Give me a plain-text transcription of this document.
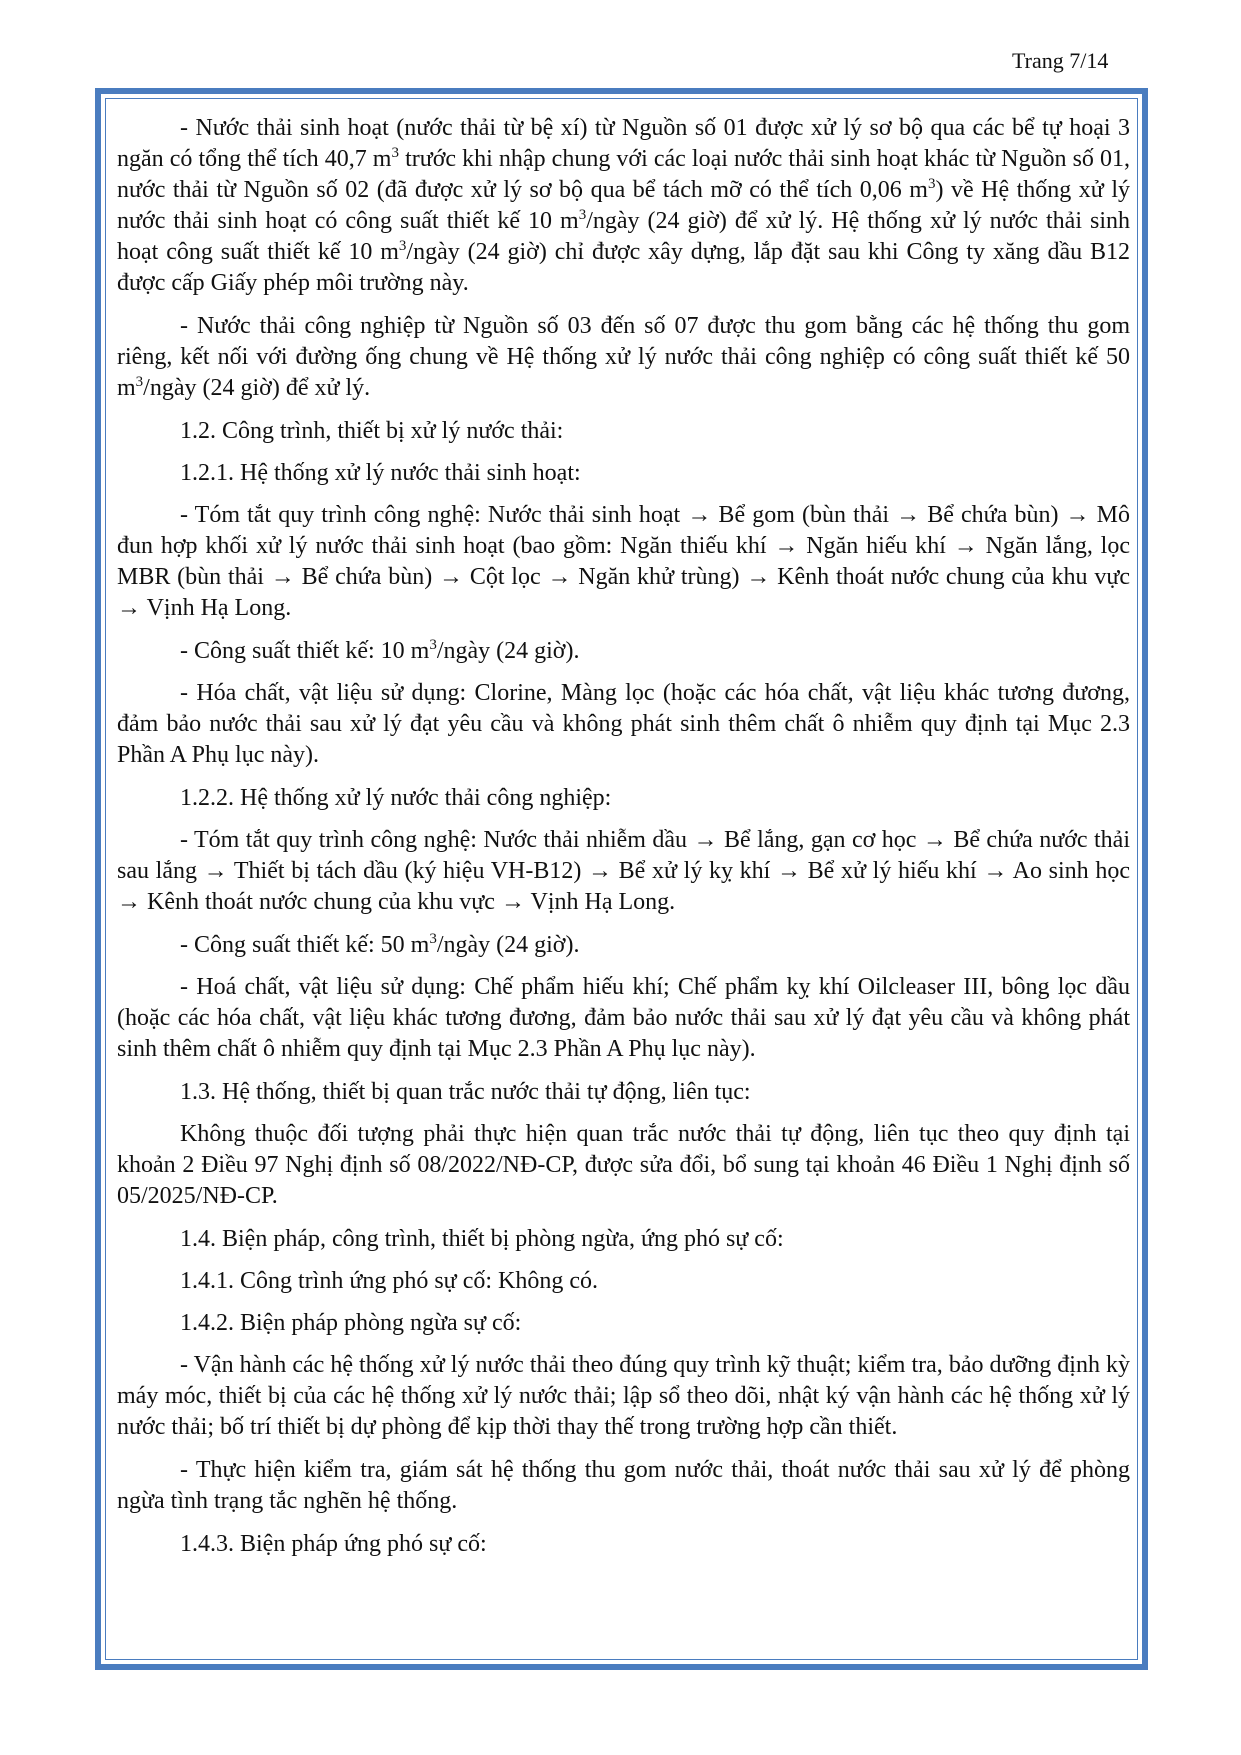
Trang 7/14

- Nước thải sinh hoạt (nước thải từ bệ xí) từ Nguồn số 01 được xử lý sơ bộ qua các bể tự hoại 3 ngăn có tổng thể tích 40,7 $m^3$ trước khi nhập chung với các loại nước thải sinh hoạt khác từ Nguồn số 01, nước thải từ Nguồn số 02 (đã được xử lý sơ bộ qua bể tách mỡ có thể tích 0,06 $m^3$) về Hệ thống xử lý nước thải sinh hoạt có công suất thiết kế 10 $m^3$/ngày (24 giờ) để xử lý. Hệ thống xử lý nước thải sinh hoạt công suất thiết kế 10 $m^3$/ngày (24 giờ) chỉ được xây dựng, lắp đặt sau khi Công ty xăng dầu B12 được cấp Giấy phép môi trường này.

- Nước thải công nghiệp từ Nguồn số 03 đến số 07 được thu gom bằng các hệ thống thu gom riêng, kết nối với đường ống chung về Hệ thống xử lý nước thải công nghiệp có công suất thiết kế 50 $m^3$/ngày (24 giờ) để xử lý.

1.2. Công trình, thiết bị xử lý nước thải:

1.2.1. Hệ thống xử lý nước thải sinh hoạt:

- Tóm tắt quy trình công nghệ: Nước thải sinh hoạt → Bể gom (bùn thải → Bể chứa bùn) → Mô đun hợp khối xử lý nước thải sinh hoạt (bao gồm: Ngăn thiếu khí → Ngăn hiếu khí → Ngăn lắng, lọc MBR (bùn thải → Bể chứa bùn) → Cột lọc → Ngăn khử trùng) → Kênh thoát nước chung của khu vực → Vịnh Hạ Long.

- Công suất thiết kế: 10 $m^3$/ngày (24 giờ).

- Hóa chất, vật liệu sử dụng: Clorine, Màng lọc (hoặc các hóa chất, vật liệu khác tương đương, đảm bảo nước thải sau xử lý đạt yêu cầu và không phát sinh thêm chất ô nhiễm quy định tại Mục 2.3 Phần A Phụ lục này).

1.2.2. Hệ thống xử lý nước thải công nghiệp:

- Tóm tắt quy trình công nghệ: Nước thải nhiễm dầu → Bể lắng, gạn cơ học → Bể chứa nước thải sau lắng → Thiết bị tách dầu (ký hiệu VH-B12) → Bể xử lý kỵ khí → Bể xử lý hiếu khí → Ao sinh học → Kênh thoát nước chung của khu vực → Vịnh Hạ Long.

- Công suất thiết kế: 50 $m^3$/ngày (24 giờ).

- Hoá chất, vật liệu sử dụng: Chế phẩm hiếu khí; Chế phẩm kỵ khí Oilcleaser III, bông lọc dầu (hoặc các hóa chất, vật liệu khác tương đương, đảm bảo nước thải sau xử lý đạt yêu cầu và không phát sinh thêm chất ô nhiễm quy định tại Mục 2.3 Phần A Phụ lục này).

1.3. Hệ thống, thiết bị quan trắc nước thải tự động, liên tục:

Không thuộc đối tượng phải thực hiện quan trắc nước thải tự động, liên tục theo quy định tại khoản 2 Điều 97 Nghị định số 08/2022/NĐ-CP, được sửa đổi, bổ sung tại khoản 46 Điều 1 Nghị định số 05/2025/NĐ-CP.

1.4. Biện pháp, công trình, thiết bị phòng ngừa, ứng phó sự cố:

1.4.1. Công trình ứng phó sự cố: Không có.

1.4.2. Biện pháp phòng ngừa sự cố:

- Vận hành các hệ thống xử lý nước thải theo đúng quy trình kỹ thuật; kiểm tra, bảo dưỡng định kỳ máy móc, thiết bị của các hệ thống xử lý nước thải; lập sổ theo dõi, nhật ký vận hành các hệ thống xử lý nước thải; bố trí thiết bị dự phòng để kịp thời thay thế trong trường hợp cần thiết.

- Thực hiện kiểm tra, giám sát hệ thống thu gom nước thải, thoát nước thải sau xử lý để phòng ngừa tình trạng tắc nghẽn hệ thống.

1.4.3. Biện pháp ứng phó sự cố:
